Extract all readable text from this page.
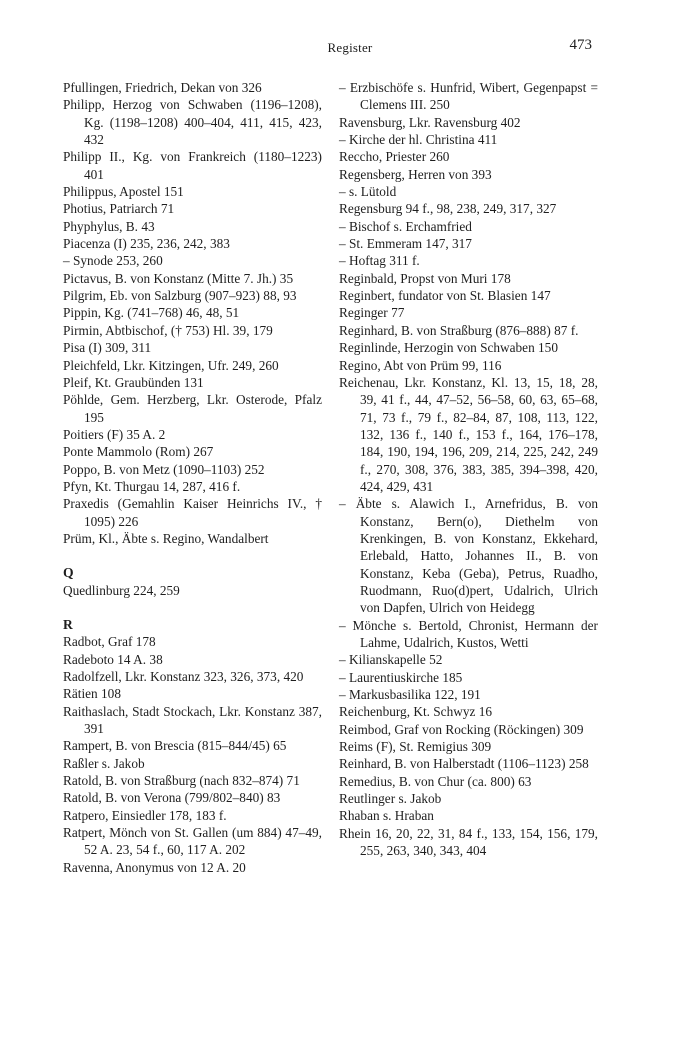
Register	473
Pfullingen, Friedrich, Dekan von 326
Philipp, Herzog von Schwaben (1196–1208), Kg. (1198–1208) 400–404, 411, 415, 423, 432
Philipp II., Kg. von Frankreich (1180–1223) 401
Philippus, Apostel 151
Photius, Patriarch 71
Phyphylus, B. 43
Piacenza (I) 235, 236, 242, 383
– Synode 253, 260
Pictavus, B. von Konstanz (Mitte 7. Jh.) 35
Pilgrim, Eb. von Salzburg (907–923) 88, 93
Pippin, Kg. (741–768) 46, 48, 51
Pirmin, Abtbischof, († 753) Hl. 39, 179
Pisa (I) 309, 311
Pleichfeld, Lkr. Kitzingen, Ufr. 249, 260
Pleif, Kt. Graubünden 131
Pöhlde, Gem. Herzberg, Lkr. Osterode, Pfalz 195
Poitiers (F) 35 A. 2
Ponte Mammolo (Rom) 267
Poppo, B. von Metz (1090–1103) 252
Pfyn, Kt. Thurgau 14, 287, 416 f.
Praxedis (Gemahlin Kaiser Heinrichs IV., † 1095) 226
Prüm, Kl., Äbte s. Regino, Wandalbert
Q
Quedlinburg 224, 259
R
Radbot, Graf 178
Radeboto 14 A. 38
Radolfzell, Lkr. Konstanz 323, 326, 373, 420
Rätien 108
Raithaslach, Stadt Stockach, Lkr. Konstanz 387, 391
Rampert, B. von Brescia (815–844/45) 65
Raßler s. Jakob
Ratold, B. von Straßburg (nach 832–874) 71
Ratold, B. von Verona (799/802–840) 83
Ratpero, Einsiedler 178, 183 f.
Ratpert, Mönch von St. Gallen (um 884) 47–49, 52 A. 23, 54 f., 60, 117 A. 202
Ravenna, Anonymus von 12 A. 20
– Erzbischöfe s. Hunfrid, Wibert, Gegenpapst = Clemens III. 250
Ravensburg, Lkr. Ravensburg 402
– Kirche der hl. Christina 411
Reccho, Priester 260
Regensberg, Herren von 393
– s. Lütold
Regensburg 94 f., 98, 238, 249, 317, 327
– Bischof s. Erchamfried
– St. Emmeram 147, 317
– Hoftag 311 f.
Reginbald, Propst von Muri 178
Reginbert, fundator von St. Blasien 147
Reginger 77
Reginhard, B. von Straßburg (876–888) 87 f.
Reginlinde, Herzogin von Schwaben 150
Regino, Abt von Prüm 99, 116
Reichenau, Lkr. Konstanz, Kl. 13, 15, 18, 28, 39, 41 f., 44, 47–52, 56–58, 60, 63, 65–68, 71, 73 f., 79 f., 82–84, 87, 108, 113, 122, 132, 136 f., 140 f., 153 f., 164, 176–178, 184, 190, 194, 196, 209, 214, 225, 242, 249 f., 270, 308, 376, 383, 385, 394–398, 420, 424, 429, 431
– Äbte s. Alawich I., Arnefridus, B. von Konstanz, Bern(o), Diethelm von Krenkingen, B. von Konstanz, Ekkehard, Erlebald, Hatto, Johannes II., B. von Konstanz, Keba (Geba), Petrus, Ruadho, Ruodmann, Ruo(d)pert, Udalrich, Ulrich von Dapfen, Ulrich von Heidegg
– Mönche s. Bertold, Chronist, Hermann der Lahme, Udalrich, Kustos, Wetti
– Kilianskapelle 52
– Laurentiuskirche 185
– Markusbasilika 122, 191
Reichenburg, Kt. Schwyz 16
Reimbod, Graf von Rocking (Röckingen) 309
Reims (F), St. Remigius 309
Reinhard, B. von Halberstadt (1106–1123) 258
Remedius, B. von Chur (ca. 800) 63
Reutlinger s. Jakob
Rhaban s. Hraban
Rhein 16, 20, 22, 31, 84 f., 133, 154, 156, 179, 255, 263, 340, 343, 404
